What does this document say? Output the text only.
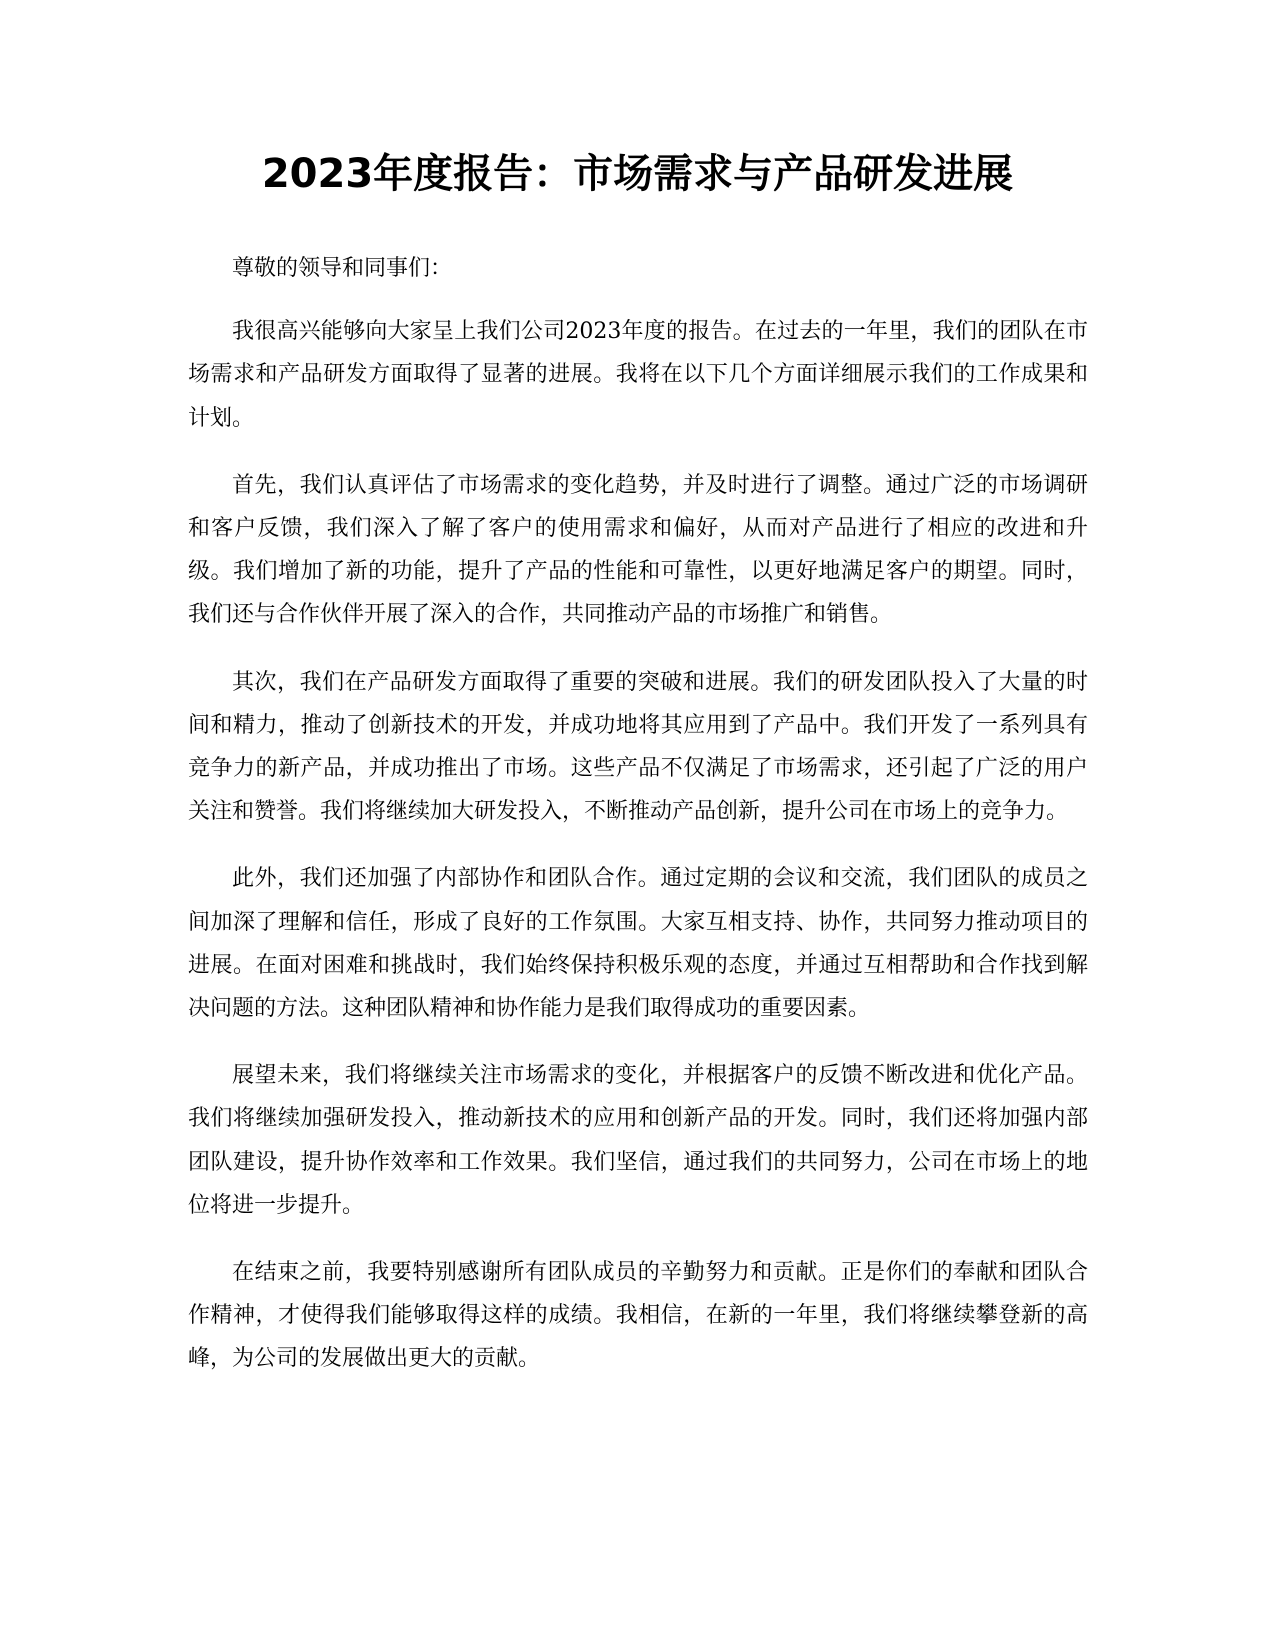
2023年度报告：市场需求与产品研发进展

尊敬的领导和同事们：

我很高兴能够向大家呈上我们公司2023年度的报告。在过去的一年里，我们的团队在市场需求和产品研发方面取得了显著的进展。我将在以下几个方面详细展示我们的工作成果和计划。

首先，我们认真评估了市场需求的变化趋势，并及时进行了调整。通过广泛的市场调研和客户反馈，我们深入了解了客户的使用需求和偏好，从而对产品进行了相应的改进和升级。我们增加了新的功能，提升了产品的性能和可靠性，以更好地满足客户的期望。同时，我们还与合作伙伴开展了深入的合作，共同推动产品的市场推广和销售。

其次，我们在产品研发方面取得了重要的突破和进展。我们的研发团队投入了大量的时间和精力，推动了创新技术的开发，并成功地将其应用到了产品中。我们开发了一系列具有竞争力的新产品，并成功推出了市场。这些产品不仅满足了市场需求，还引起了广泛的用户关注和赞誉。我们将继续加大研发投入，不断推动产品创新，提升公司在市场上的竞争力。

此外，我们还加强了内部协作和团队合作。通过定期的会议和交流，我们团队的成员之间加深了理解和信任，形成了良好的工作氛围。大家互相支持、协作，共同努力推动项目的进展。在面对困难和挑战时，我们始终保持积极乐观的态度，并通过互相帮助和合作找到解决问题的方法。这种团队精神和协作能力是我们取得成功的重要因素。

展望未来，我们将继续关注市场需求的变化，并根据客户的反馈不断改进和优化产品。我们将继续加强研发投入，推动新技术的应用和创新产品的开发。同时，我们还将加强内部团队建设，提升协作效率和工作效果。我们坚信，通过我们的共同努力，公司在市场上的地位将进一步提升。

在结束之前，我要特别感谢所有团队成员的辛勤努力和贡献。正是你们的奉献和团队合作精神，才使得我们能够取得这样的成绩。我相信，在新的一年里，我们将继续攀登新的高峰，为公司的发展做出更大的贡献。
